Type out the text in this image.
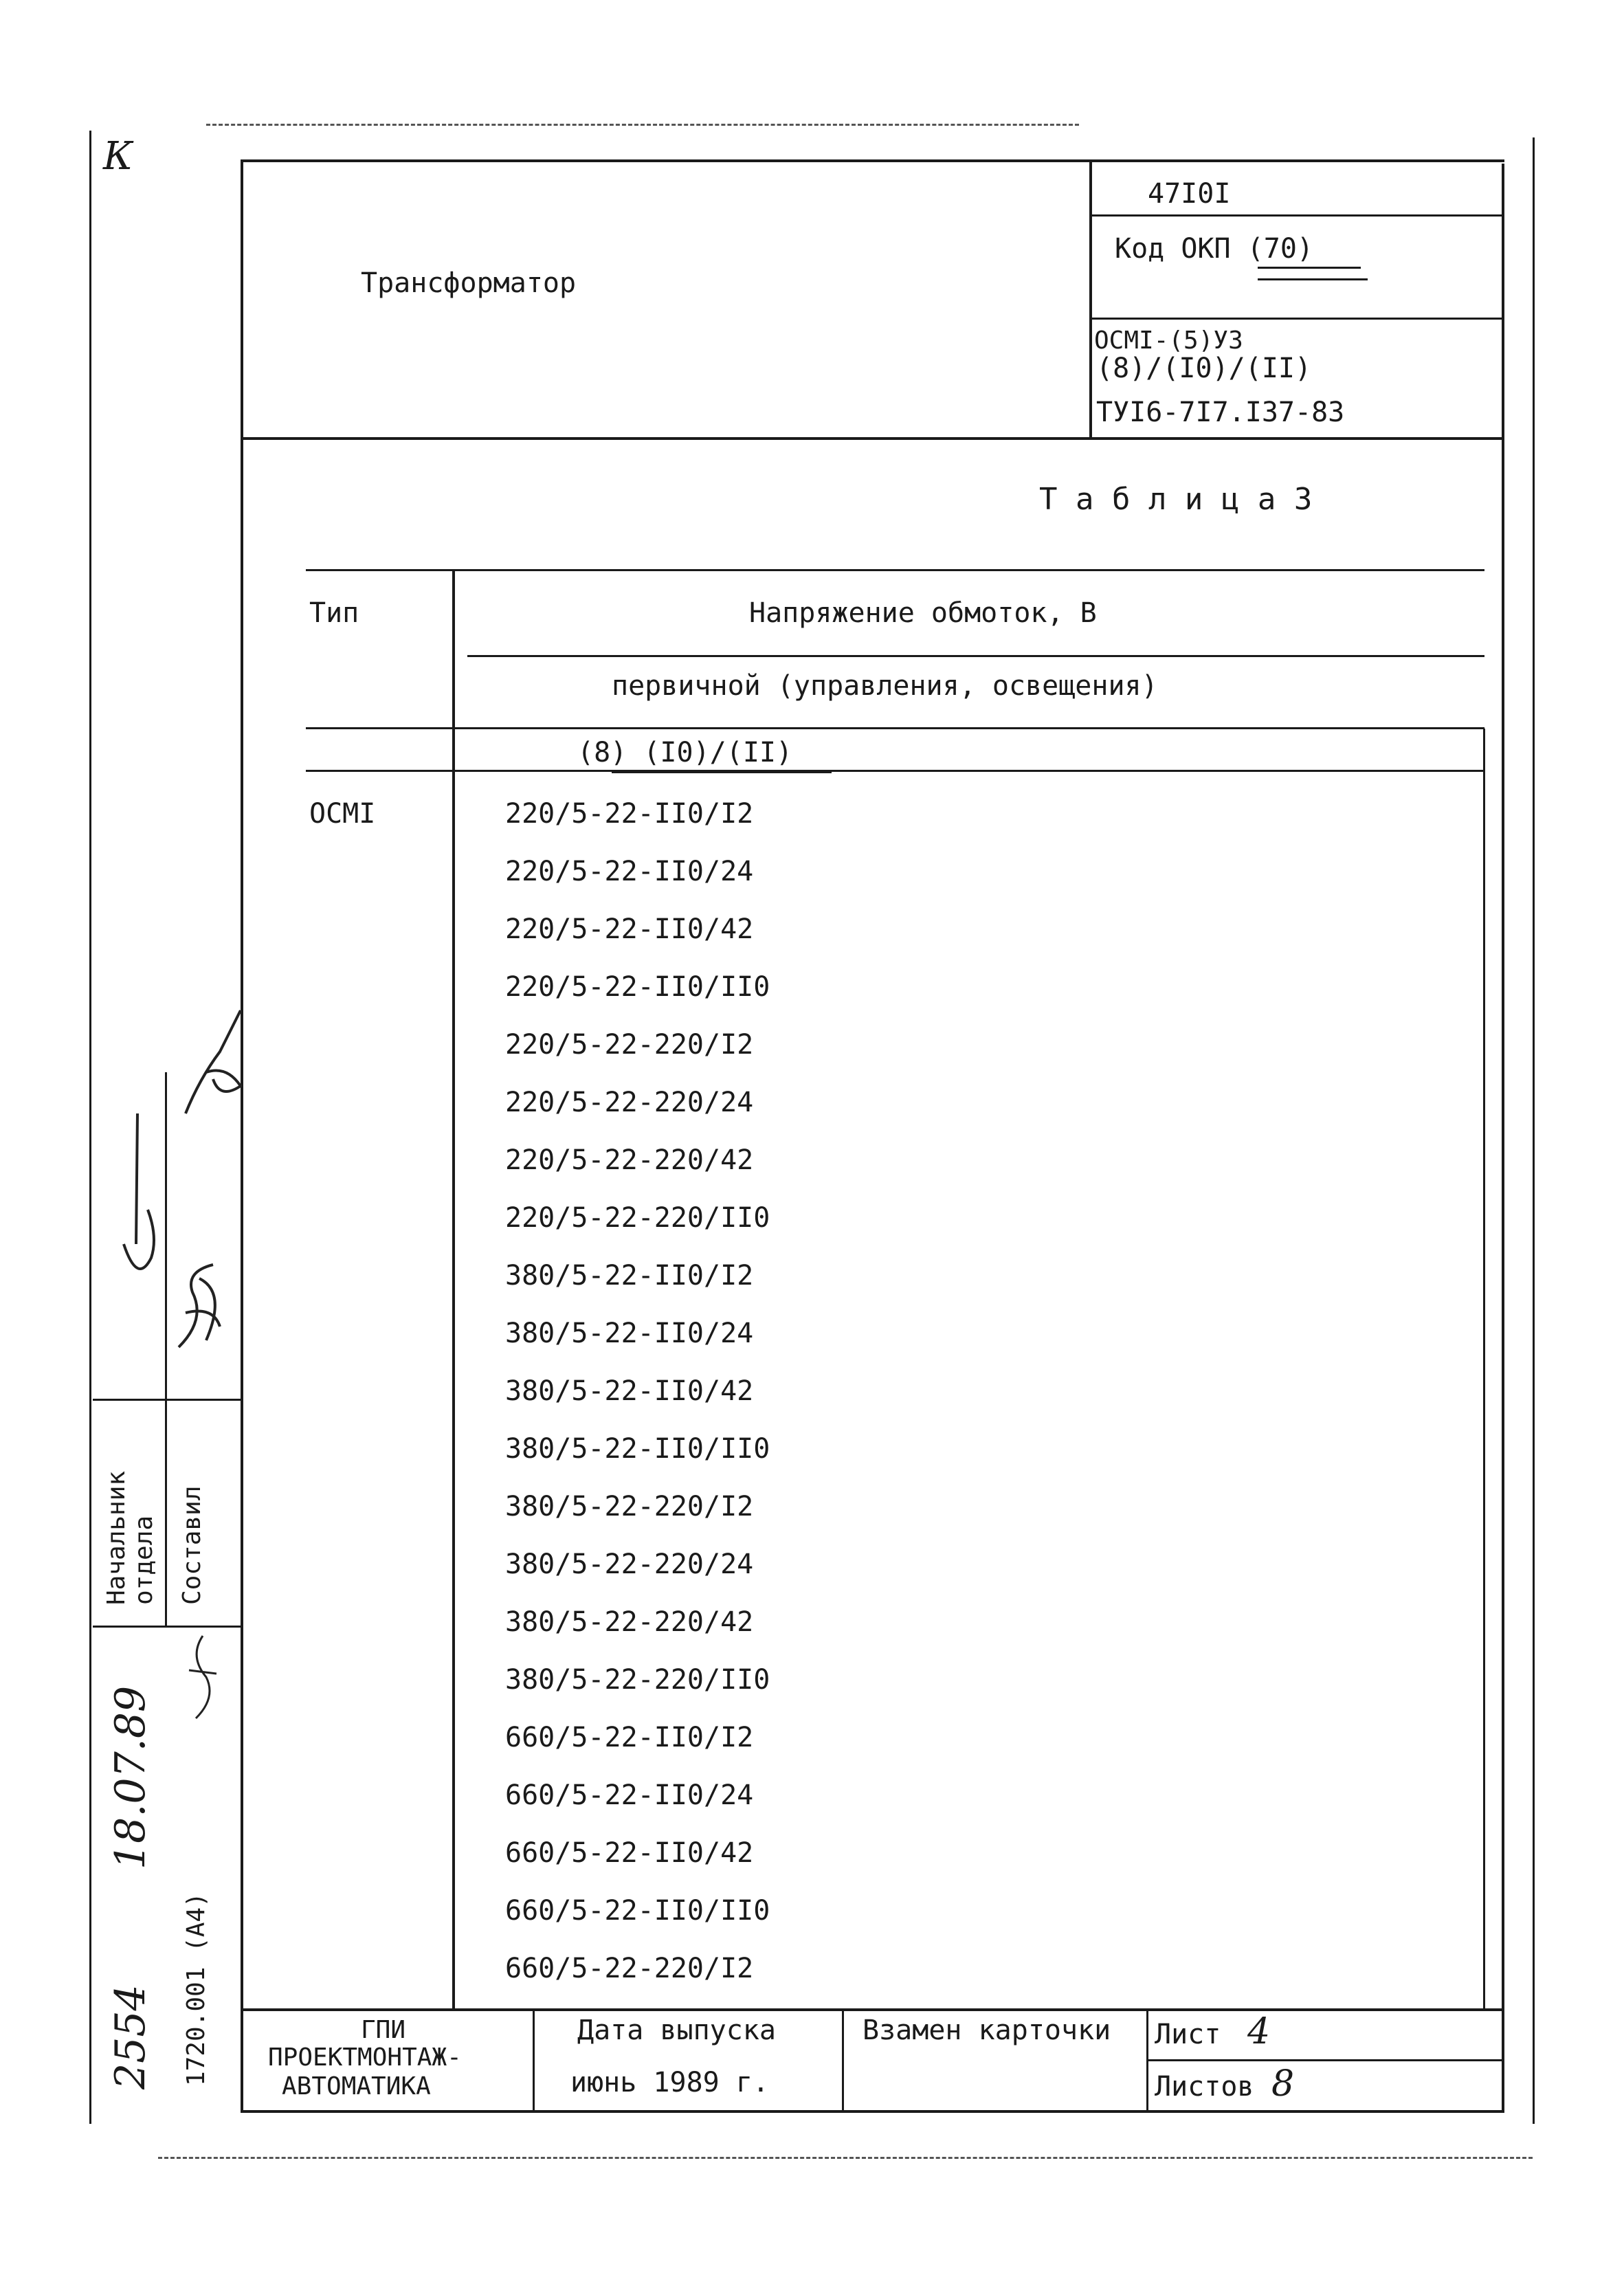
Трансформатор
47I0I
Код ОКП (70)
ОСМI-(5)УЗ
(8)/(I0)/(II)
ТУI6-7I7.I37-83
Т а б л и ц а 3
Тип	Напряжение обмоток, В
первичной (управления, освещения)
(8) (I0)/(II)
ОСМI	220/5-22-II0/I2
220/5-22-II0/24
220/5-22-II0/42
220/5-22-II0/II0
220/5-22-220/I2
220/5-22-220/24
220/5-22-220/42
220/5-22-220/II0
380/5-22-II0/I2
380/5-22-II0/24
380/5-22-II0/42
380/5-22-II0/II0
380/5-22-220/I2
380/5-22-220/24
380/5-22-220/42
380/5-22-220/II0
660/5-22-II0/I2
660/5-22-II0/24
660/5-22-II0/42
660/5-22-II0/II0
660/5-22-220/I2
ГПИ
ПРОЕКТМОНТАЖ-
АВТОМАТИКА
Дата выпуска
июнь 1989 г.
Взамен карточки Лист 4
Листов 8
К
Начальник отдела Составил
18.07.89
2554 1720.001 (А4)
